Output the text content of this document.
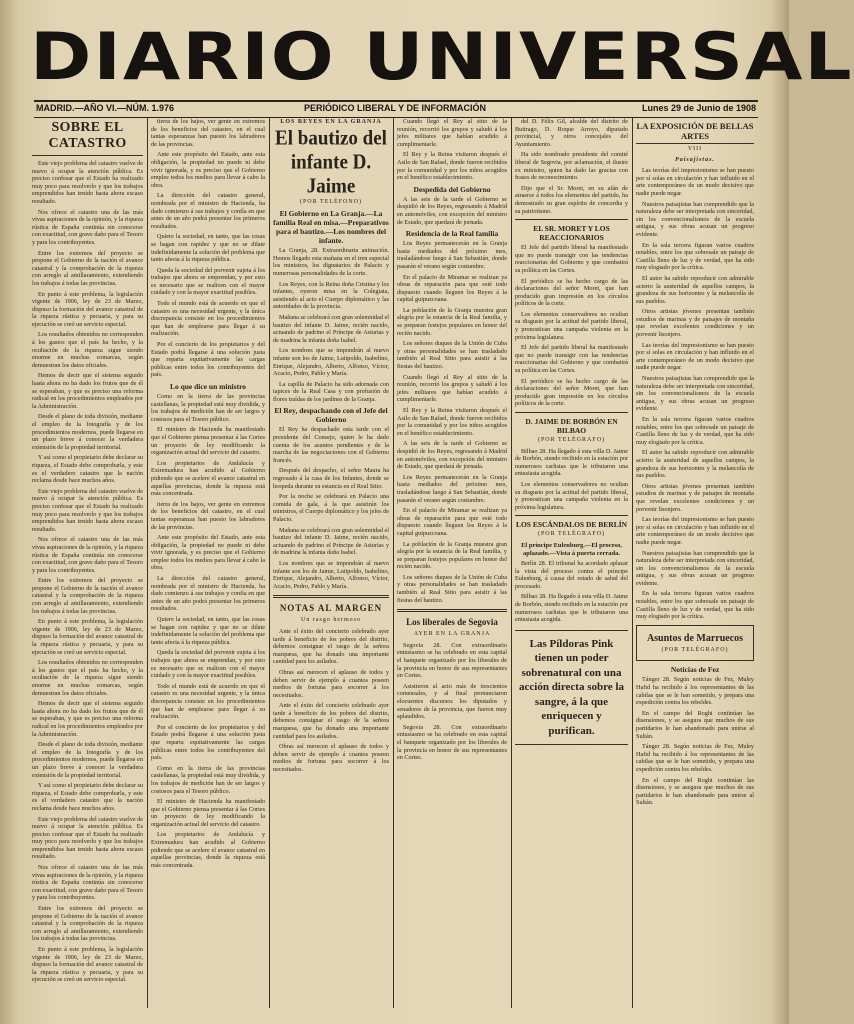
DIARIO UNIVERSAL
MADRID.—AÑO VI.—NÚM. 1.976	PERIÓDICO LIBERAL Y DE INFORMACIÓN	Lunes 29 de Junio de 1908
SOBRE EL CATASTRO

Este viejo problema del catastro vuelve de nuevo á ocupar la atención pública. Es preciso confesar que el Estado ha realizado muy poco para resolverlo y que los trabajos emprendidos han tenido hasta ahora escaso resultado.

Nos ofrece el catastro una de las más vivas aspiraciones de la opinión, y la riqueza rústica de España continúa sin conocerse con exactitud, con grave daño para el Tesoro y para los contribuyentes.

Entre los extremos del proyecto se propone el Gobierno de la nación el avance catastral y la comprobación de la riqueza con arreglo al amillaramiento, extendiendo los trabajos á todas las provincias.

En punto á este problema, la legislación vigente de 1906, ley de 23 de Marzo, dispuso la formación del avance catastral de la riqueza rústica y pecuaria, y para su ejecución se creó un servicio especial.

Los resultados obtenidos no corresponden á los gastos que el país ha hecho, y la ocultación de la riqueza sigue siendo enorme en muchas comarcas, según demuestran los datos oficiales.

Hemos de decir que el sistema seguido hasta ahora no ha dado los frutos que de él se esperaban, y que es preciso una reforma radical en los procedimientos empleados por la Administración.

Desde el plano de toda división, mediante el empleo de la fotografía y de los procedimientos modernos, puede llegarse en un plazo breve á conocer la verdadera extensión de la propiedad territorial.

Y así como el propietario debe declarar su riqueza, el Estado debe comprobarla, y este es el verdadero catastro que la nación reclama desde hace muchos años.

Este viejo problema del catastro vuelve de nuevo á ocupar la atención pública. Es preciso confesar que el Estado ha realizado muy poco para resolverlo y que los trabajos emprendidos han tenido hasta ahora escaso resultado.

Nos ofrece el catastro una de las más vivas aspiraciones de la opinión, y la riqueza rústica de España continúa sin conocerse con exactitud, con grave daño para el Tesoro y para los contribuyentes.

Entre los extremos del proyecto se propone el Gobierno de la nación el avance catastral y la comprobación de la riqueza con arreglo al amillaramiento, extendiendo los trabajos á todas las provincias.

En punto á este problema, la legislación vigente de 1906, ley de 23 de Marzo, dispuso la formación del avance catastral de la riqueza rústica y pecuaria, y para su ejecución se creó un servicio especial.

Los resultados obtenidos no corresponden á los gastos que el país ha hecho, y la ocultación de la riqueza sigue siendo enorme en muchas comarcas, según demuestran los datos oficiales.

Hemos de decir que el sistema seguido hasta ahora no ha dado los frutos que de él se esperaban, y que es preciso una reforma radical en los procedimientos empleados por la Administración.

Desde el plano de toda división, mediante el empleo de la fotografía y de los procedimientos modernos, puede llegarse en un plazo breve á conocer la verdadera extensión de la propiedad territorial.

Y así como el propietario debe declarar su riqueza, el Estado debe comprobarla, y este es el verdadero catastro que la nación reclama desde hace muchos años.

Este viejo problema del catastro vuelve de nuevo á ocupar la atención pública. Es preciso confesar que el Estado ha realizado muy poco para resolverlo y que los trabajos emprendidos han tenido hasta ahora escaso resultado.

Nos ofrece el catastro una de las más vivas aspiraciones de la opinión, y la riqueza rústica de España continúa sin conocerse con exactitud, con grave daño para el Tesoro y para los contribuyentes.

Entre los extremos del proyecto se propone el Gobierno de la nación el avance catastral y la comprobación de la riqueza con arreglo al amillaramiento, extendiendo los trabajos á todas las provincias.

En punto á este problema, la legislación vigente de 1906, ley de 23 de Marzo, dispuso la formación del avance catastral de la riqueza rústica y pecuaria, y para su ejecución se creó un servicio especial.

tierra de los bajos, ver gente en extremos de los beneficios del catastro, en el cual tantas esperanzas han puesto los labradores de las provincias.

Ante este propósito del Estado, ante esta obligación, la propiedad no puede ni debe vivir ignorada, y es preciso que el Gobierno emplee todos los medios para llevar á cabo la obra.

La dirección del catastro general, nombrada por el ministro de Hacienda, ha dado comienzo á sus trabajos y confía en que antes de un año podrá presentar los primeros resultados.

Quiere la sociedad, en tanto, que las cosas se hagan con rapidez y que no se dilate indefinidamente la solución del problema que tanto afecta á la riqueza pública.

Queda la sociedad del porvenir sujeta á los trabajos que ahora se emprendan, y por esto es necesario que se realicen con el mayor cuidado y con la mayor exactitud posibles.

Todo el mundo está de acuerdo en que el catastro es una necesidad urgente, y la única discrepancia consiste en los procedimientos que han de emplearse para llegar á su realización.

Por el concierto de los propietarios y del Estado podrá llegarse á una solución justa que reparta equitativamente las cargas públicas entre todos los contribuyentes del país.

Lo que dice un ministro

Como en la tierra de las provincias castellanas, la propiedad está muy dividida, y los trabajos de medición han de ser largos y costosos para el Tesoro público.

El ministro de Hacienda ha manifestado que el Gobierno piensa presentar á las Cortes un proyecto de ley modificando la organización actual del servicio del catastro.

Los propietarios de Andalucía y Extremadura han acudido al Gobierno pidiendo que se acelere el avance catastral en aquellas provincias, donde la riqueza está más concentrada.

tierra de los bajos, ver gente en extremos de los beneficios del catastro, en el cual tantas esperanzas han puesto los labradores de las provincias.

Ante este propósito del Estado, ante esta obligación, la propiedad no puede ni debe vivir ignorada, y es preciso que el Gobierno emplee todos los medios para llevar á cabo la obra.

La dirección del catastro general, nombrada por el ministro de Hacienda, ha dado comienzo á sus trabajos y confía en que antes de un año podrá presentar los primeros resultados.

Quiere la sociedad, en tanto, que las cosas se hagan con rapidez y que no se dilate indefinidamente la solución del problema que tanto afecta á la riqueza pública.

Queda la sociedad del porvenir sujeta á los trabajos que ahora se emprendan, y por esto es necesario que se realicen con el mayor cuidado y con la mayor exactitud posibles.

Todo el mundo está de acuerdo en que el catastro es una necesidad urgente, y la única discrepancia consiste en los procedimientos que han de emplearse para llegar á su realización.

Por el concierto de los propietarios y del Estado podrá llegarse á una solución justa que reparta equitativamente las cargas públicas entre todos los contribuyentes del país.

Como en la tierra de las provincias castellanas, la propiedad está muy dividida, y los trabajos de medición han de ser largos y costosos para el Tesoro público.

El ministro de Hacienda ha manifestado que el Gobierno piensa presentar á las Cortes un proyecto de ley modificando la organización actual del servicio del catastro.

Los propietarios de Andalucía y Extremadura han acudido al Gobierno pidiendo que se acelere el avance catastral en aquellas provincias, donde la riqueza está más concentrada.

LOS REYES EN LA GRANJA
El bautizo del infante D. Jaime
(POR TELÉFONO)
El Gobierno en La Granja.—La familia Real en misa.—Preparativos para el bautizo.—Los nombres del infante.

La Granja, 28. Extraordinaria animación. Hemos llegado esta mañana en el tren especial los ministros, los dignatarios de Palacio y numerosas personalidades de la corte.

Los Reyes, con la Reina doña Cristina y los infantes, oyeron misa en la Colegiata, asistiendo al acto el Cuerpo diplomático y las autoridades de la provincia.

Mañana se celebrará con gran solemnidad el bautizo del infante D. Jaime, recién nacido, actuando de padrino el Príncipe de Asturias y de madrina la infanta doña Isabel.

Los nombres que se impondrán al nuevo infante son los de Jaime, Luitpoldo, Isabelino, Enrique, Alejandro, Alberto, Alfonso, Víctor, Acacio, Pedro, Pablo y María.

La capilla de Palacio ha sido adornada con tapices de la Real Casa y con profusión de flores traídas de los jardines de la Granja.

El Rey, despachando con el Jefe del Gobierno

El Rey ha despachado esta tarde con el presidente del Consejo, quien le ha dado cuenta de los asuntos pendientes y de la marcha de las negociaciones con el Gobierno francés.

Después del despacho, el señor Maura ha regresado á la casa de los Infantes, donde se hospeda durante su estancia en el Real Sitio.

Por la noche se celebrará en Palacio una comida de gala, á la que asistirán los ministros, el Cuerpo diplomático y los jefes de Palacio.

Mañana se celebrará con gran solemnidad el bautizo del infante D. Jaime, recién nacido, actuando de padrino el Príncipe de Asturias y de madrina la infanta doña Isabel.

Los nombres que se impondrán al nuevo infante son los de Jaime, Luitpoldo, Isabelino, Enrique, Alejandro, Alberto, Alfonso, Víctor, Acacio, Pedro, Pablo y María.

NOTAS AL MARGEN
Un rasgo hermoso

Ante el éxito del concierto celebrado ayer tarde á beneficio de los pobres del distrito, debemos consignar el rasgo de la señora marquesa, que ha donado una importante cantidad para los asilados.

Obras así merecen el aplauso de todos y deben servir de ejemplo á cuantos poseen medios de fortuna para socorrer á los necesitados.

Ante el éxito del concierto celebrado ayer tarde á beneficio de los pobres del distrito, debemos consignar el rasgo de la señora marquesa, que ha donado una importante cantidad para los asilados.

Obras así merecen el aplauso de todos y deben servir de ejemplo á cuantos poseen medios de fortuna para socorrer á los necesitados.

Cuando llegó el Rey al sitio de la reunión, recorrió los grupos y saludó á los jefes militares que habían acudido á cumplimentarle.

El Rey y la Reina visitaron después el Asilo de San Rafael, donde fueron recibidos por la comunidad y por los niños acogidos en el benéfico establecimiento.

Despedida del Gobierno

A las seis de la tarde el Gobierno se despidió de los Reyes, regresando á Madrid en automóviles, con excepción del ministro de Estado, que quedará de jornada.

Residencia de la Real familia

Los Reyes permanecerán en la Granja hasta mediados del próximo mes, trasladándose luego á San Sebastián, donde pasarán el verano según costumbre.

En el palacio de Miramar se realizan ya obras de reparación para que esté todo dispuesto cuando lleguen los Reyes á la capital guipuzcoana.

La población de la Granja muestra gran alegría por la estancia de la Real familia, y se preparan festejos populares en honor del recién nacido.

Los señores duques de la Unión de Cuba y otras personalidades se han trasladado también al Real Sitio para asistir á las fiestas del bautizo.

Cuando llegó el Rey al sitio de la reunión, recorrió los grupos y saludó á los jefes militares que habían acudido á cumplimentarle.

El Rey y la Reina visitaron después el Asilo de San Rafael, donde fueron recibidos por la comunidad y por los niños acogidos en el benéfico establecimiento.

A las seis de la tarde el Gobierno se despidió de los Reyes, regresando á Madrid en automóviles, con excepción del ministro de Estado, que quedará de jornada.

Los Reyes permanecerán en la Granja hasta mediados del próximo mes, trasladándose luego á San Sebastián, donde pasarán el verano según costumbre.

En el palacio de Miramar se realizan ya obras de reparación para que esté todo dispuesto cuando lleguen los Reyes á la capital guipuzcoana.

La población de la Granja muestra gran alegría por la estancia de la Real familia, y se preparan festejos populares en honor del recién nacido.

Los señores duques de la Unión de Cuba y otras personalidades se han trasladado también al Real Sitio para asistir á las fiestas del bautizo.

Los liberales de Segovia
AYER EN LA GRANJA

Segovia 28. Con extraordinario entusiasmo se ha celebrado en esta capital el banquete organizado por los liberales de la provincia en honor de sus representantes en Cortes.

Asistieron al acto más de trescientos comensales, y al final pronunciaron elocuentes discursos los diputados y senadores de la provincia, que fueron muy aplaudidos.

Segovia 28. Con extraordinario entusiasmo se ha celebrado en esta capital el banquete organizado por los liberales de la provincia en honor de sus representantes en Cortes.

del D. Félix Gil, alcalde del distrito de Buitrago, D. Roque Arroyo, diputado provincial, y otros concejales del Ayuntamiento.

Ha sido nombrado presidente del comité liberal de Segovia, por aclamación, el ilustre ex ministro, quien ha dado las gracias con frases de reconocimiento.

Dijo que el Sr. Moret, en su afán de atraerse á todos los elementos del partido, ha demostrado su gran espíritu de concordia y su patriotismo.

EL SR. MORET Y LOS REACCIONARIOS

El Jefe del partido liberal ha manifestado que no puede transigir con las tendencias reaccionarias del Gobierno y que combatirá su política en las Cortes.

El periódico se ha hecho cargo de las declaraciones del señor Moret, que han producido gran impresión en los círculos políticos de la corte.

Los elementos conservadores no ocultan su disgusto por la actitud del partido liberal, y pronostican una campaña violenta en la próxima legislatura.

El Jefe del partido liberal ha manifestado que no puede transigir con las tendencias reaccionarias del Gobierno y que combatirá su política en las Cortes.

El periódico se ha hecho cargo de las declaraciones del señor Moret, que han producido gran impresión en los círculos políticos de la corte.

D. JAIME DE BORBÓN EN BILBAO
(POR TELÉGRAFO)

Bilbao 28. Ha llegado á esta villa D. Jaime de Borbón, siendo recibido en la estación por numerosos carlistas que le tributaron una entusiasta acogida.

Los elementos conservadores no ocultan su disgusto por la actitud del partido liberal, y pronostican una campaña violenta en la próxima legislatura.

LOS ESCÁNDALOS DE BERLÍN
(POR TELÉGRAFO)
El príncipe Eulenburg.—El proceso, aplazado.—Vista á puerta cerrada.

Berlín 28. El tribunal ha acordado aplazar la vista del proceso contra el príncipe Eulenburg, á causa del estado de salud del procesado.

Bilbao 28. Ha llegado á esta villa D. Jaime de Borbón, siendo recibido en la estación por numerosos carlistas que le tributaron una entusiasta acogida.

Las Píldoras Pink tienen un poder sobrenatural con una acción directa sobre la sangre, á la que enriquecen y purifican.
LA EXPOSICIÓN DE BELLAS ARTES
VIII
Paisajistas.

Las teorías del impresionismo se han puesto por sí solas en circulación y han influido en el arte contemporáneo de un modo decisivo que nadie puede negar.

Nuestros paisajistas han comprendido que la naturaleza debe ser interpretada con sinceridad, sin los convencionalismos de la escuela antigua, y sus obras acusan un progreso evidente.

En la sala tercera figuran varios cuadros notables, entre los que sobresale un paisaje de Castilla lleno de luz y de verdad, que ha sido muy elogiado por la crítica.

El autor ha sabido reproducir con admirable acierto la austeridad de aquellos campos, la grandeza de sus horizontes y la melancolía de sus pueblos.

Otros artistas jóvenes presentan también estudios de marinas y de paisajes de montaña que revelan excelentes condiciones y un porvenir lisonjero.

Las teorías del impresionismo se han puesto por sí solas en circulación y han influido en el arte contemporáneo de un modo decisivo que nadie puede negar.

Nuestros paisajistas han comprendido que la naturaleza debe ser interpretada con sinceridad, sin los convencionalismos de la escuela antigua, y sus obras acusan un progreso evidente.

En la sala tercera figuran varios cuadros notables, entre los que sobresale un paisaje de Castilla lleno de luz y de verdad, que ha sido muy elogiado por la crítica.

El autor ha sabido reproducir con admirable acierto la austeridad de aquellos campos, la grandeza de sus horizontes y la melancolía de sus pueblos.

Otros artistas jóvenes presentan también estudios de marinas y de paisajes de montaña que revelan excelentes condiciones y un porvenir lisonjero.

Las teorías del impresionismo se han puesto por sí solas en circulación y han influido en el arte contemporáneo de un modo decisivo que nadie puede negar.

Nuestros paisajistas han comprendido que la naturaleza debe ser interpretada con sinceridad, sin los convencionalismos de la escuela antigua, y sus obras acusan un progreso evidente.

En la sala tercera figuran varios cuadros notables, entre los que sobresale un paisaje de Castilla lleno de luz y de verdad, que ha sido muy elogiado por la crítica.

Asuntos de Marruecos
(POR TELÉGRAFO)
Noticias de Fez

Tánger 28. Según noticias de Fez, Muley Hafid ha recibido á los representantes de las cabilas que se le han sometido, y prepara una expedición contra los rebeldes.

En el campo del Roghi continúan las disensiones, y se asegura que muchos de sus partidarios le han abandonado para unirse al Sultán.

Tánger 28. Según noticias de Fez, Muley Hafid ha recibido á los representantes de las cabilas que se le han sometido, y prepara una expedición contra los rebeldes.

En el campo del Roghi continúan las disensiones, y se asegura que muchos de sus partidarios le han abandonado para unirse al Sultán.
